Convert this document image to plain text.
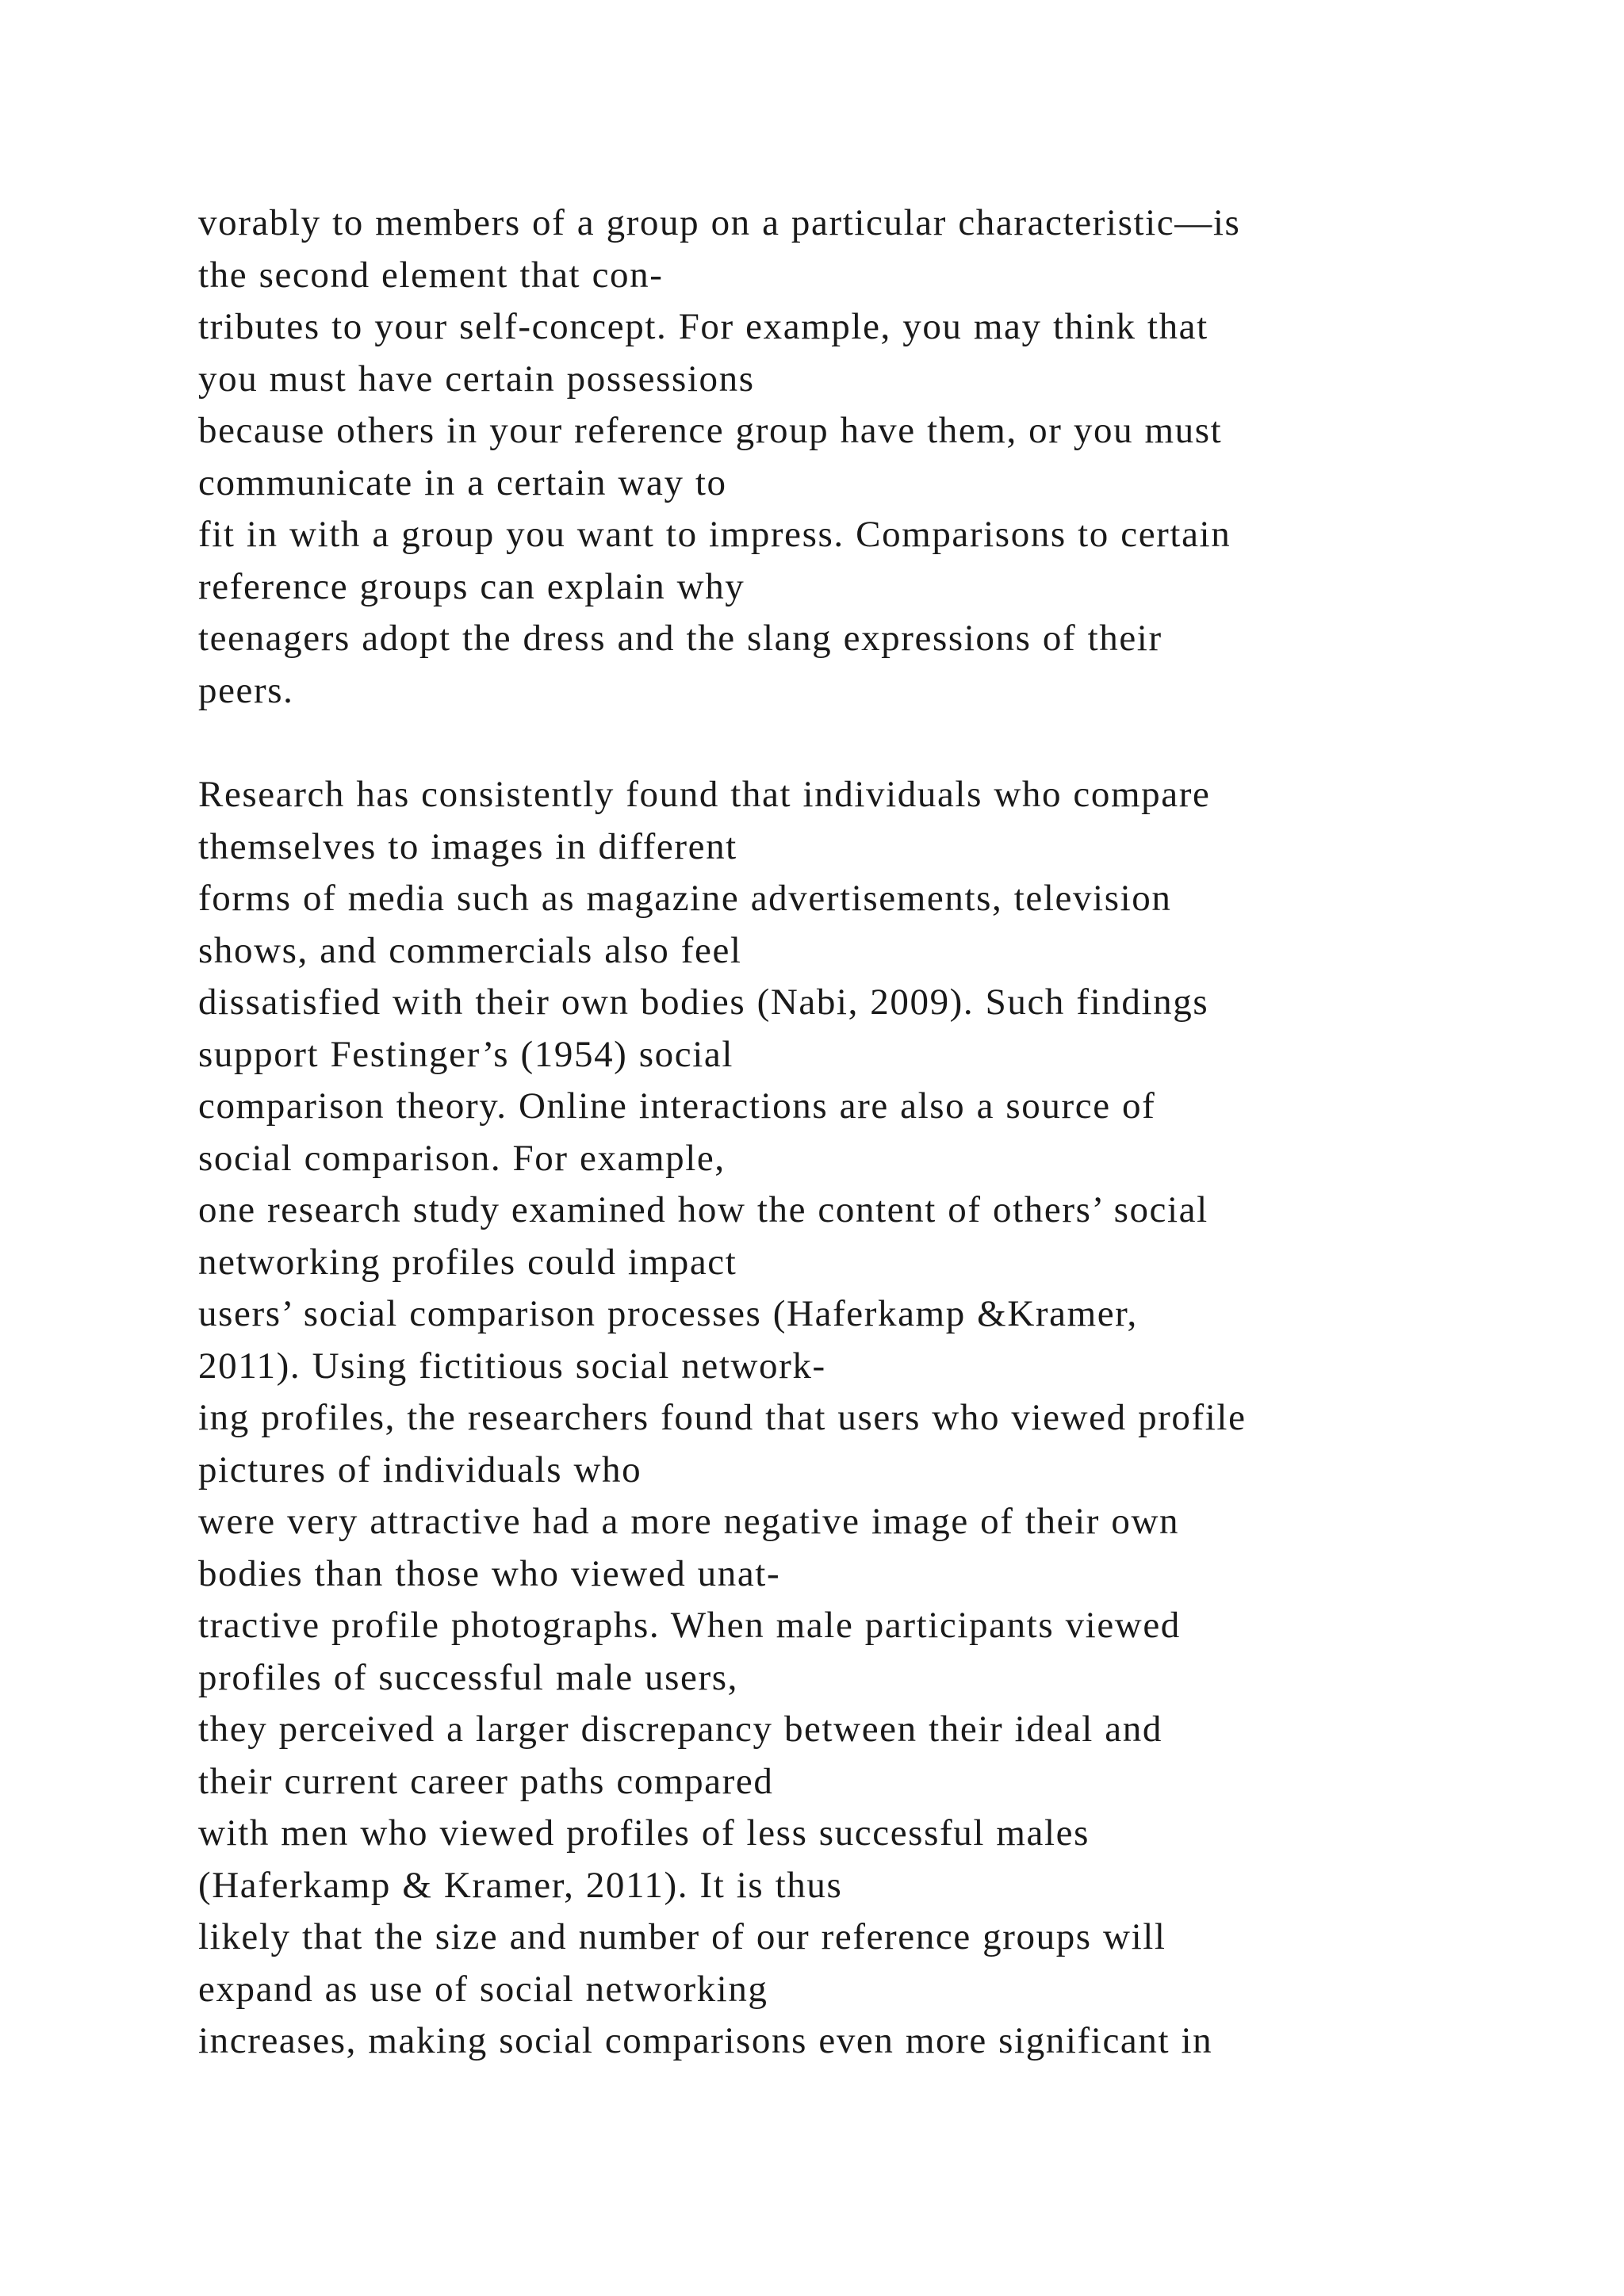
vorably to members of a group on a particular characteristic—is
the second element that con-
tributes to your self-concept. For example, you may think that
you must have certain possessions
because others in your reference group have them, or you must
communicate in a certain way to
fit in with a group you want to impress. Comparisons to certain
reference groups can explain why
teenagers adopt the dress and the slang expressions of their
peers.
Research has consistently found that individuals who compare
themselves to images in different
forms of media such as magazine advertisements, television
shows, and commercials also feel
dissatisfied with their own bodies (Nabi, 2009). Such findings
support Festinger’s (1954) social
comparison theory. Online interactions are also a source of
social comparison. For example,
one research study examined how the content of others’ social
networking profiles could impact
users’ social comparison processes (Haferkamp &Kramer,
2011). Using fictitious social network-
ing profiles, the researchers found that users who viewed profile
pictures of individuals who
were very attractive had a more negative image of their own
bodies than those who viewed unat-
tractive profile photographs. When male participants viewed
profiles of successful male users,
they perceived a larger discrepancy between their ideal and
their current career paths compared
with men who viewed profiles of less successful males
(Haferkamp & Kramer, 2011). It is thus
likely that the size and number of our reference groups will
expand as use of social networking
increases, making social comparisons even more significant in
